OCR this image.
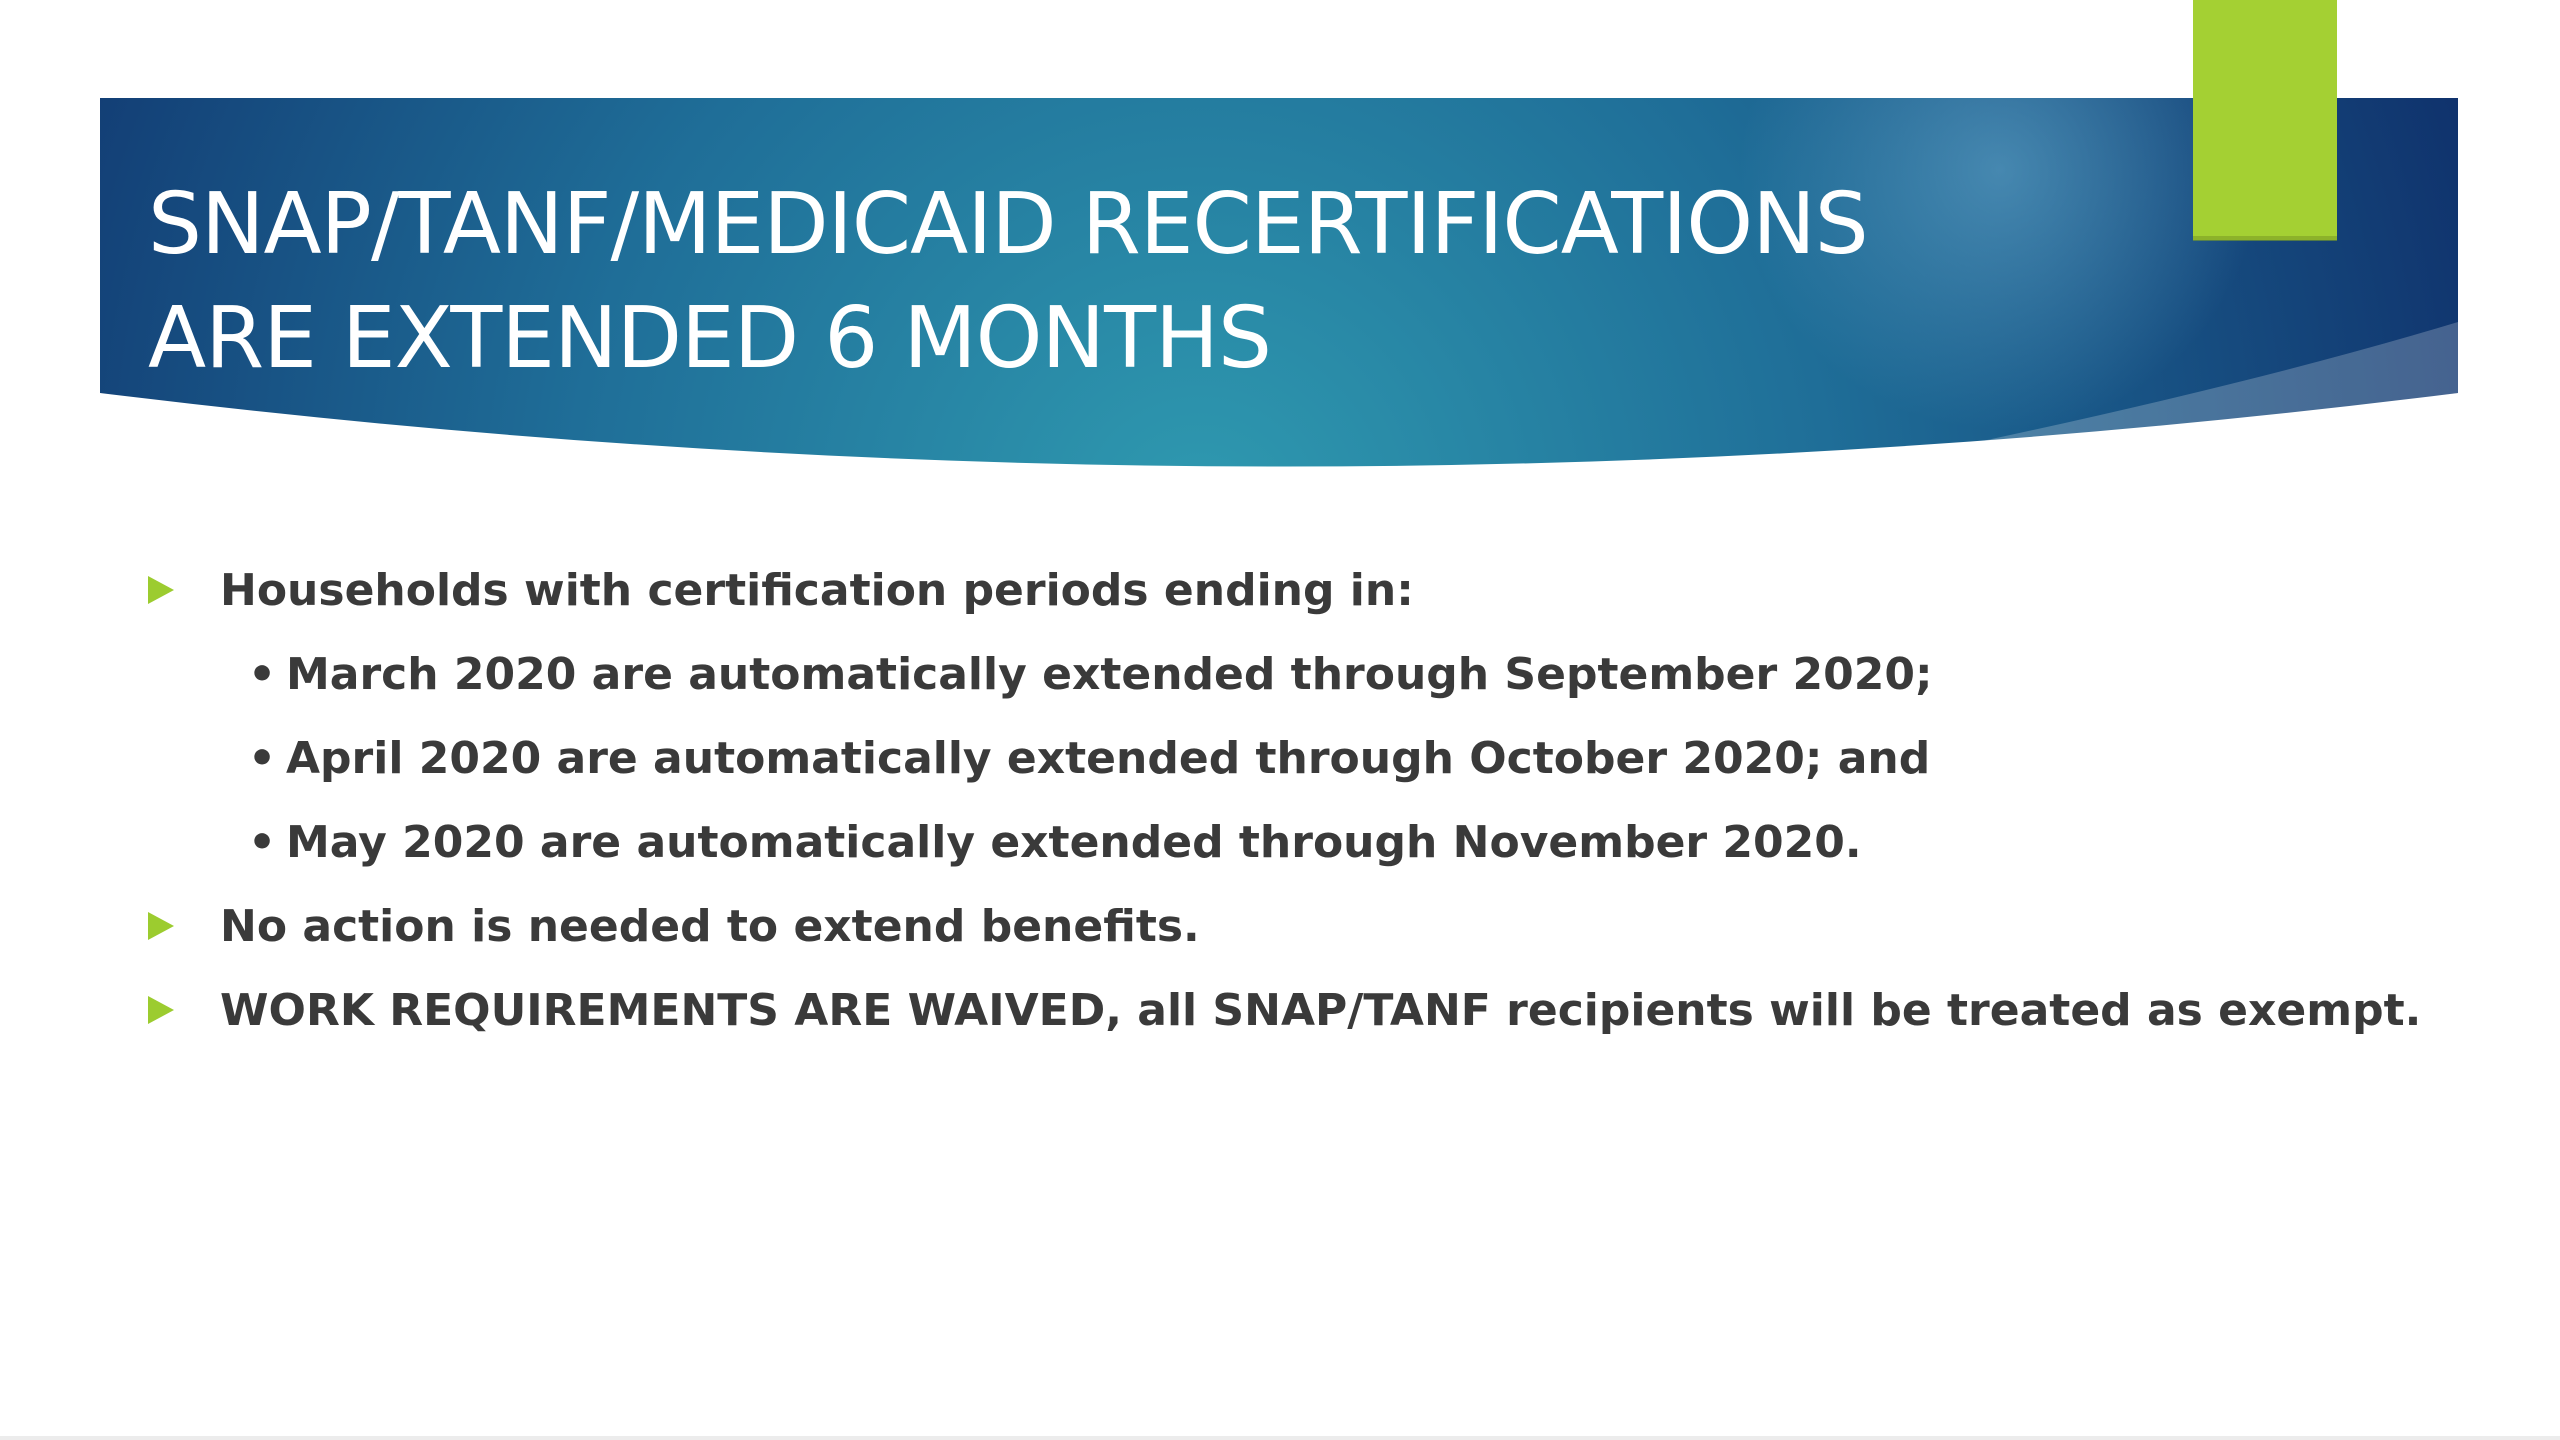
SNAP/TANF/MEDICAID RECERTIFICATIONS
ARE EXTENDED 6 MONTHS
Households with certification periods ending in:
• March 2020 are automatically extended through September 2020;
• April 2020 are automatically extended through October 2020; and
• May 2020 are automatically extended through November 2020.
No action is needed to extend benefits.
WORK REQUIREMENTS ARE WAIVED, all SNAP/TANF recipients will be treated as exempt.
